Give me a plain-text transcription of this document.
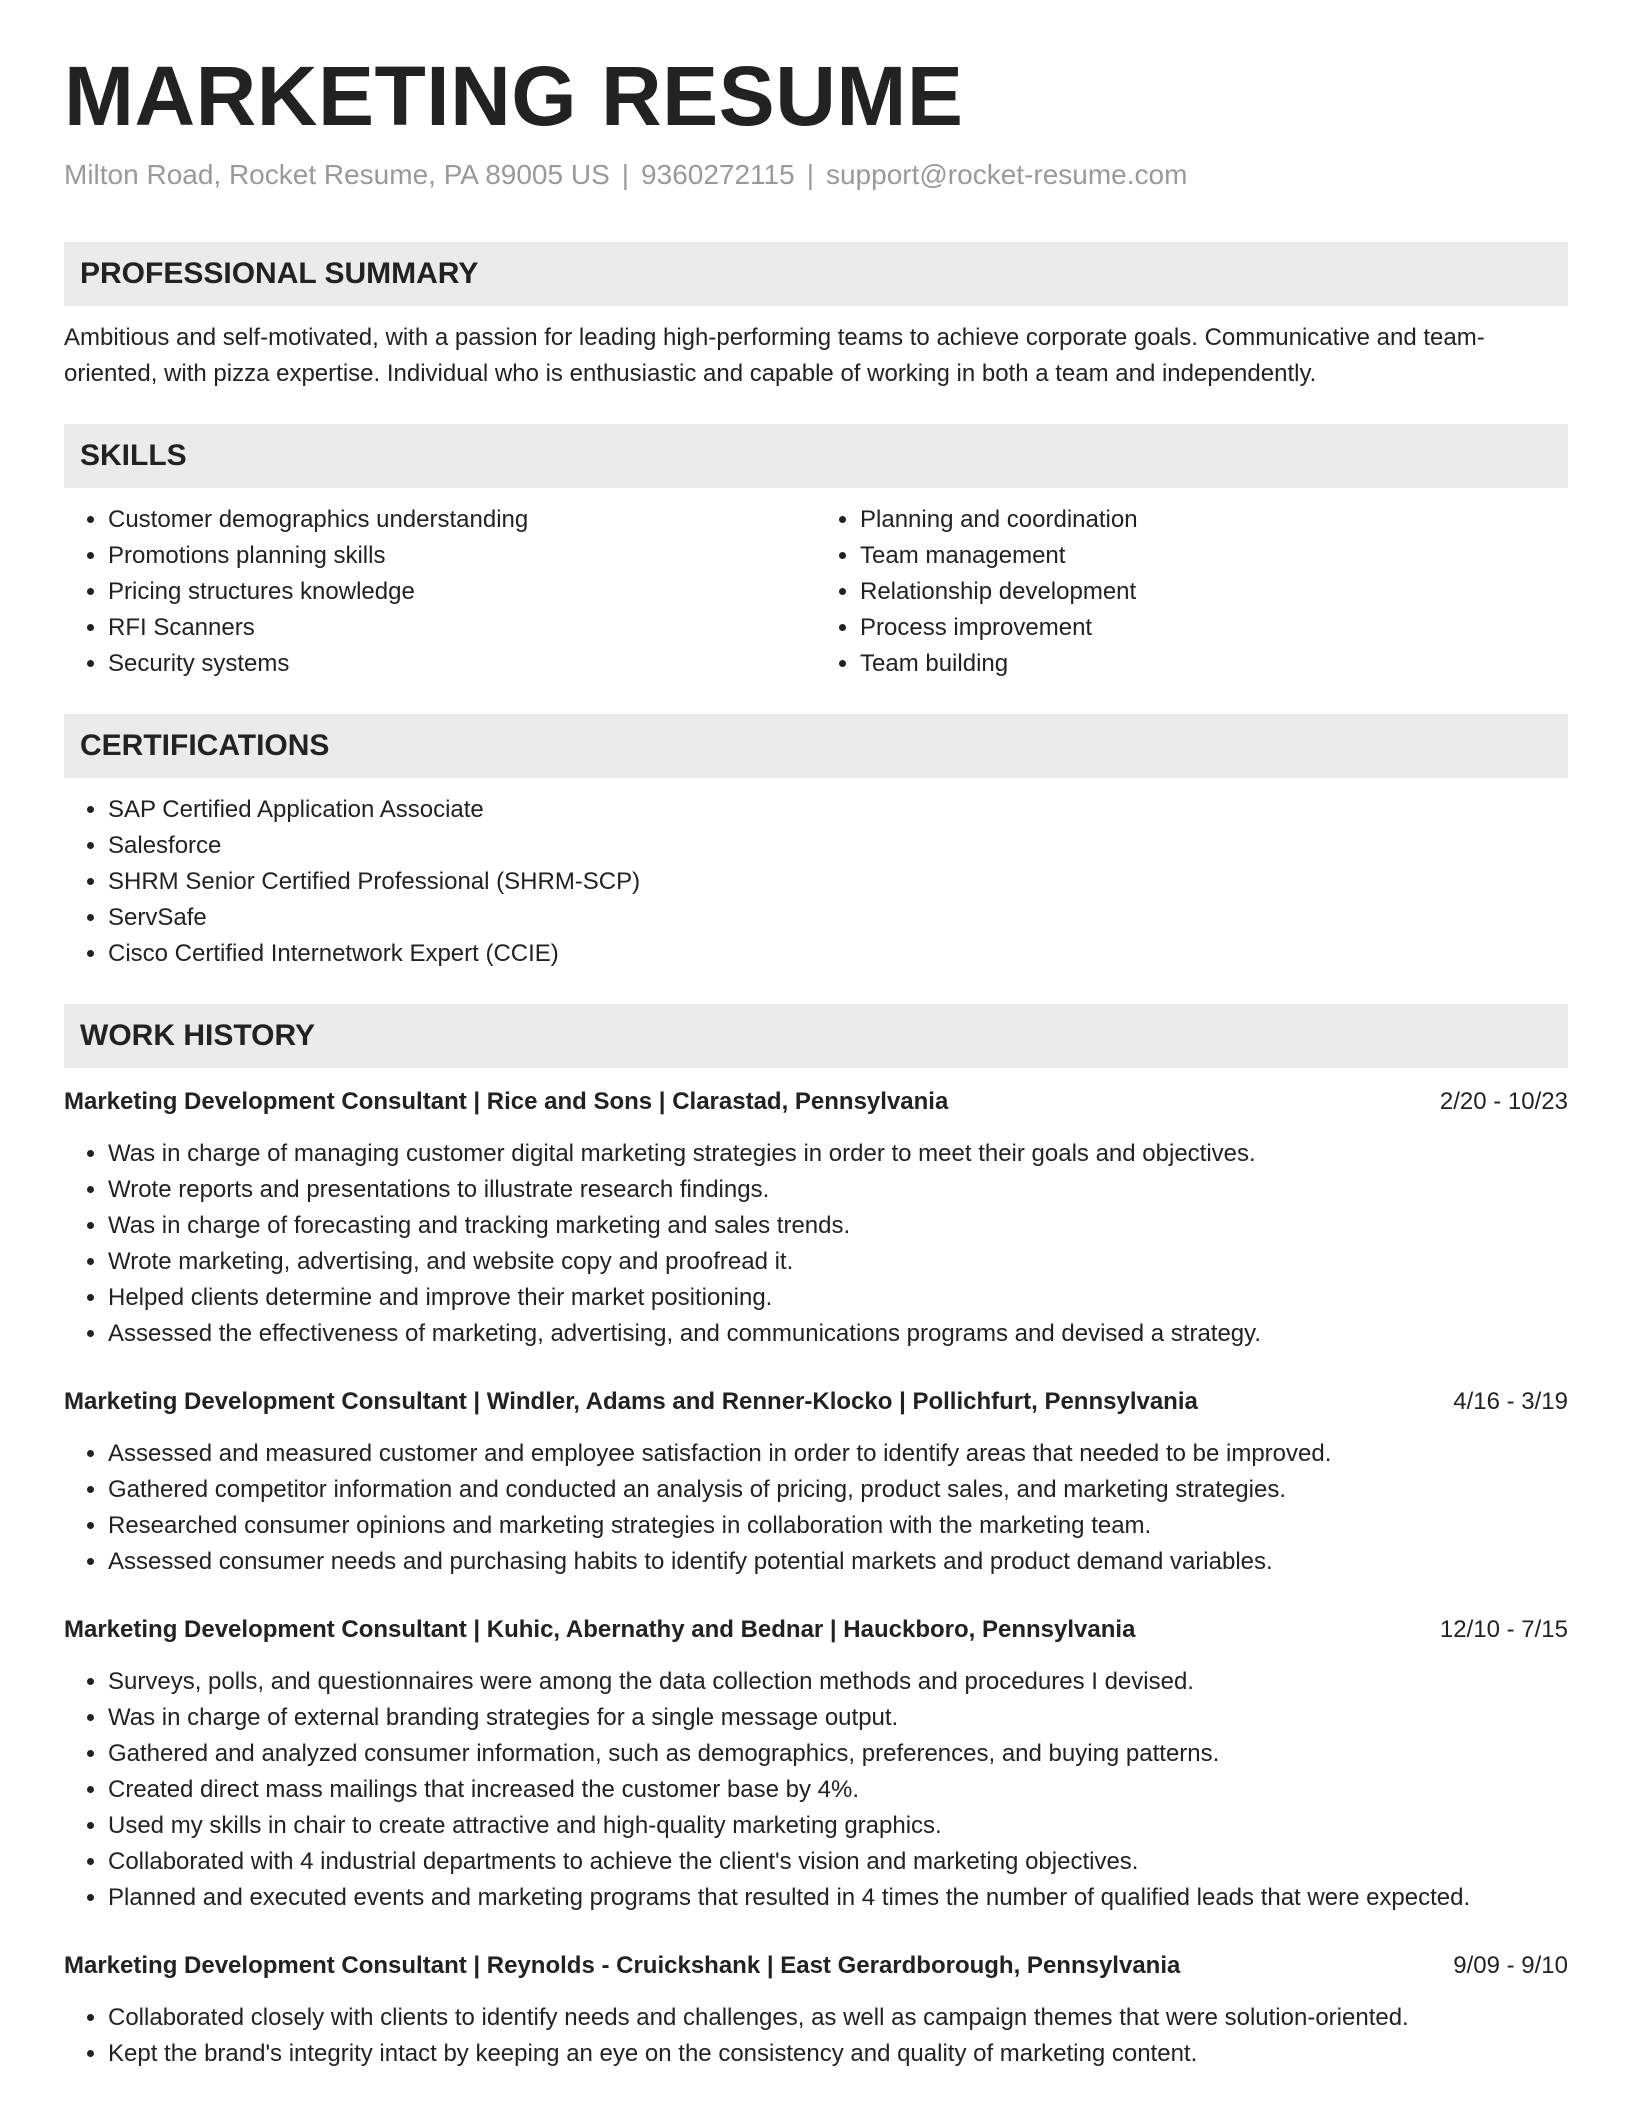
MARKETING RESUME
Milton Road, Rocket Resume, PA 89005 US | 9360272115 | support@rocket-resume.com
PROFESSIONAL SUMMARY
Ambitious and self-motivated, with a passion for leading high-performing teams to achieve corporate goals. Communicative and team-oriented, with pizza expertise. Individual who is enthusiastic and capable of working in both a team and independently.
SKILLS
• Customer demographics understanding
• Promotions planning skills
• Pricing structures knowledge
• RFI Scanners
• Security systems
• Planning and coordination
• Team management
• Relationship development
• Process improvement
• Team building
CERTIFICATIONS
• SAP Certified Application Associate
• Salesforce
• SHRM Senior Certified Professional (SHRM-SCP)
• ServSafe
• Cisco Certified Internetwork Expert (CCIE)
WORK HISTORY
Marketing Development Consultant | Rice and Sons | Clarastad, Pennsylvania	2/20 - 10/23
• Was in charge of managing customer digital marketing strategies in order to meet their goals and objectives.
• Wrote reports and presentations to illustrate research findings.
• Was in charge of forecasting and tracking marketing and sales trends.
• Wrote marketing, advertising, and website copy and proofread it.
• Helped clients determine and improve their market positioning.
• Assessed the effectiveness of marketing, advertising, and communications programs and devised a strategy.
Marketing Development Consultant | Windler, Adams and Renner-Klocko | Pollichfurt, Pennsylvania	4/16 - 3/19
• Assessed and measured customer and employee satisfaction in order to identify areas that needed to be improved.
• Gathered competitor information and conducted an analysis of pricing, product sales, and marketing strategies.
• Researched consumer opinions and marketing strategies in collaboration with the marketing team.
• Assessed consumer needs and purchasing habits to identify potential markets and product demand variables.
Marketing Development Consultant | Kuhic, Abernathy and Bednar | Hauckboro, Pennsylvania	12/10 - 7/15
• Surveys, polls, and questionnaires were among the data collection methods and procedures I devised.
• Was in charge of external branding strategies for a single message output.
• Gathered and analyzed consumer information, such as demographics, preferences, and buying patterns.
• Created direct mass mailings that increased the customer base by 4%.
• Used my skills in chair to create attractive and high-quality marketing graphics.
• Collaborated with 4 industrial departments to achieve the client's vision and marketing objectives.
• Planned and executed events and marketing programs that resulted in 4 times the number of qualified leads that were expected.
Marketing Development Consultant | Reynolds - Cruickshank | East Gerardborough, Pennsylvania	9/09 - 9/10
• Collaborated closely with clients to identify needs and challenges, as well as campaign themes that were solution-oriented.
• Kept the brand's integrity intact by keeping an eye on the consistency and quality of marketing content.
